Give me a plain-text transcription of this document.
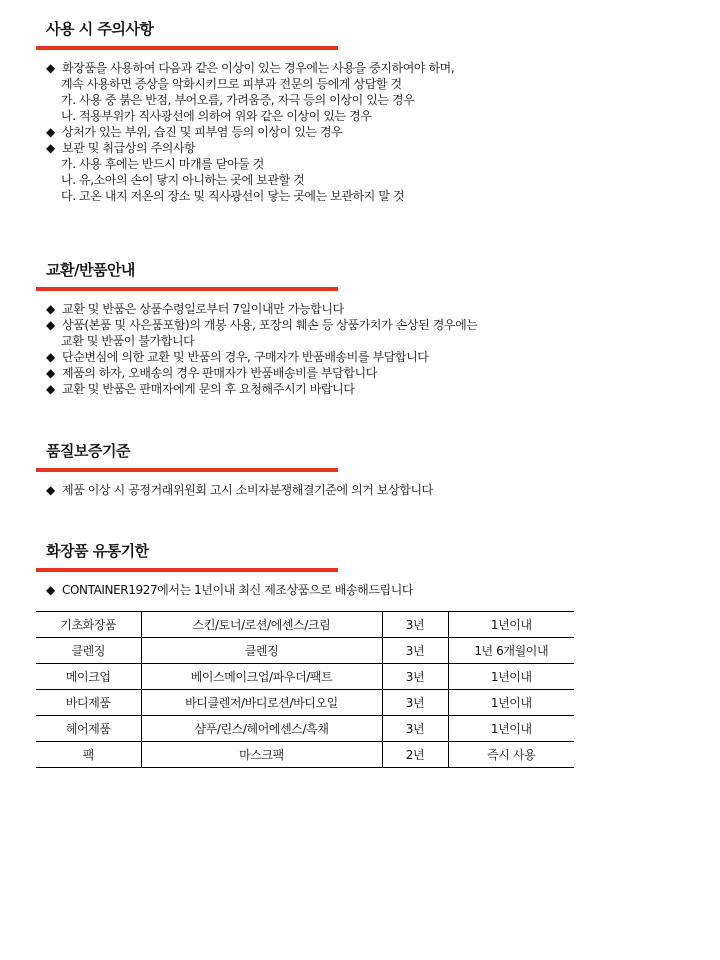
사용 시 주의사항
◆ 화장품을 사용하여 다음과 같은 이상이 있는 경우에는 사용을 중지하여야 하며,
계속 사용하면 증상을 악화시키므로 피부과 전문의 등에게 상담할 것
가. 사용 중 붉은 반점, 부어오름, 가려움증, 자극 등의 이상이 있는 경우
나. 적용부위가 직사광선에 의하여 위와 같은 이상이 있는 경우
◆ 상처가 있는 부위, 습진 및 피부염 등의 이상이 있는 경우
◆ 보관 및 취급상의 주의사항
가. 사용 후에는 반드시 마개를 닫아둘 것
나. 유,소아의 손이 닿지 아니하는 곳에 보관할 것
다. 고온 내지 저온의 장소 및 직사광선이 닿는 곳에는 보관하지 말 것
교환/반품안내
◆ 교환 및 반품은 상품수령일로부터 7일이내만 가능합니다
◆ 상품(본품 및 사은품포함)의 개봉 사용, 포장의 훼손 등 상품가치가 손상된 경우에는
교환 및 반품이 불가합니다
◆ 단순변심에 의한 교환 및 반품의 경우, 구매자가 반품배송비를 부담합니다
◆ 제품의 하자, 오배송의 경우 판매자가 반품배송비를 부담합니다
◆ 교환 및 반품은 판매자에게 문의 후 요청해주시기 바랍니다
품질보증기준
◆ 제품 이상 시 공정거래위원회 고시 소비자분쟁해결기준에 의거 보상합니다
화장품 유통기한
◆ CONTAINER1927에서는 1년이내 최신 제조상품으로 배송해드립니다
기초화장품	스킨/토너/로션/에센스/크림	3년	1년이내
클렌징	클렌징	3년	1년 6개월이내
메이크업	베이스메이크업/파우더/팩트	3년	1년이내
바디제품	바디클렌저/바디로션/바디오일	3년	1년이내
헤어제품	샴푸/린스/헤어에센스/흑채	3년	1년이내
팩	마스크팩	2년	즉시 사용
